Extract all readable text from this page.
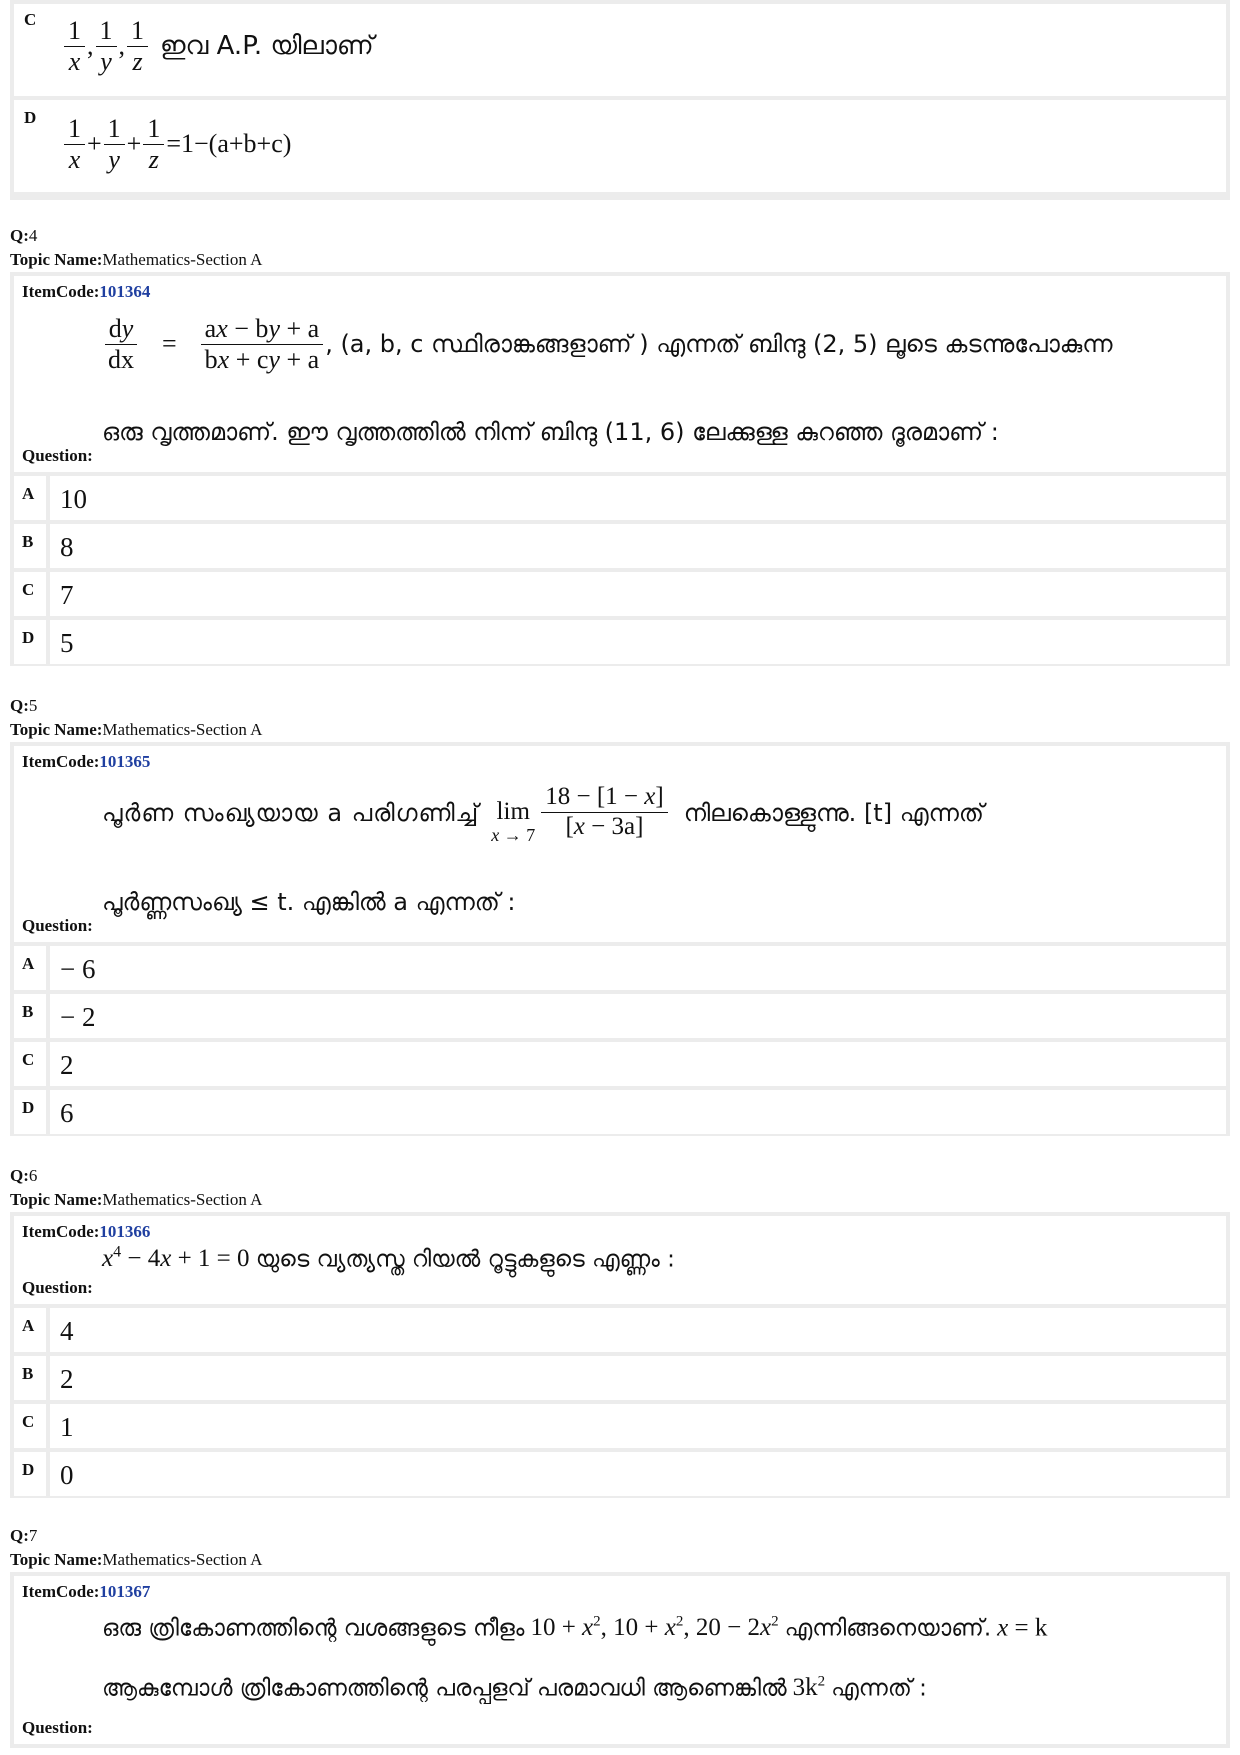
C $\frac{1}{x}$ , $\frac{1}{y}$ , $\frac{1}{z}$ ഇവ A.P. യിലാണ്
D $\frac{1}{x} + \frac{1}{y} + \frac{1}{z} =1-(a+b+c)$
Q:4
Topic Name:Mathematics-Section A
ItemCode:101364
$\frac{dy}{dx} = \frac{ax - by + a}{bx + cy + a}$ , (a, b, c സ്ഥിരാങ്കങ്ങളാണ് ) എന്നത് ബിന്ദു (2, 5) ലൂടെ കടന്നുപോകുന്ന
ഒരു വൃത്തമാണ്. ഈ വൃത്തത്തിൽ നിന്ന് ബിന്ദു (11, 6) ലേക്കുള്ള കുറഞ്ഞ ദൂരമാണ് :
Question:
A 10
B 8
C 7
D 5
Q:5
Topic Name:Mathematics-Section A
ItemCode:101365
പൂർണ സംഖ്യയായ a പരിഗണിച്ച് lim
$x \to 7 \frac{18 - [1 - x]}{[x - 3a]}$ നിലകൊള്ളുന്നു. [t] എന്നത്
പൂർണ്ണസംഖ്യ ≤ t. എങ്കിൽ a എന്നത് :
Question:
A − 6
B − 2
C 2
D 6
Q:6
Topic Name:Mathematics-Section A
ItemCode:101366
$x^4 - 4x + 1 = 0$ യുടെ വ്യത്യസ്ത റിയൽ റൂട്ടുകളുടെ എണ്ണം :
Question:
A 4
B 2
C 1
D 0
Q:7
Topic Name:Mathematics-Section A
ItemCode:101367
ഒരു ത്രികോണത്തിന്റെ വശങ്ങളുടെ നീളം $10 + x^2$, $10 + x^2$, $20 - 2x^2$ എന്നിങ്ങനെയാണ്. x = k
ആകുമ്പോൾ ത്രികോണത്തിന്റെ പരപ്പളവ് പരമാവധി ആണെങ്കിൽ $3k^2$ എന്നത് :
Question:
